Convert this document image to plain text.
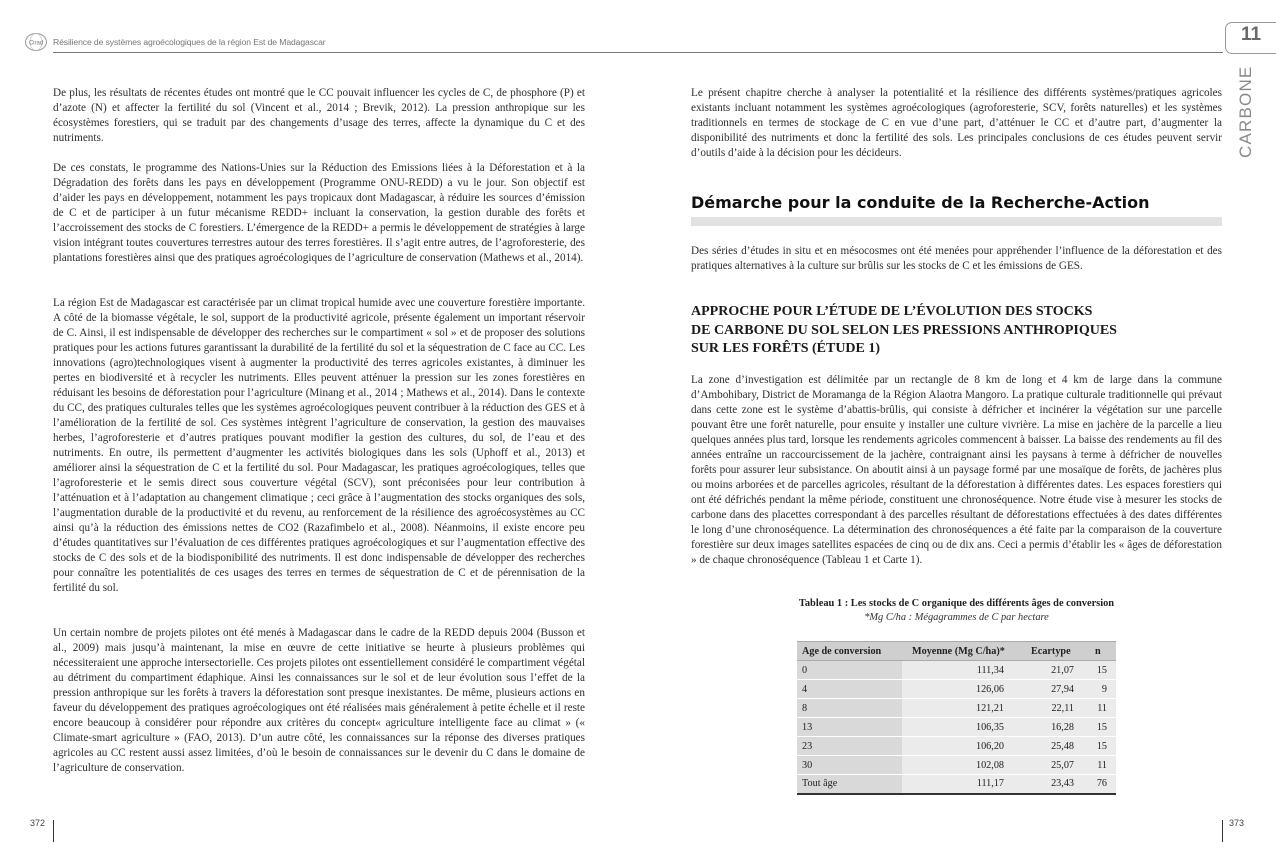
Cirad Résilience de systèmes agroécologiques de la région Est de Madagascar	11
CARBONE

De plus, les résultats de récentes études ont montré que le CC pouvait influencer les cycles de C, de phosphore (P) et d’azote (N) et affecter la fertilité du sol (Vincent et al., 2014 ; Brevik, 2012). La pression anthropique sur les écosystèmes forestiers, qui se traduit par des changements d’usage des terres, affecte la dynamique du C et des nutriments.

De ces constats, le programme des Nations-Unies sur la Réduction des Emissions liées à la Déforestation et à la Dégradation des forêts dans les pays en développement (Programme ONU-REDD) a vu le jour. Son objectif est d’aider les pays en développement, notamment les pays tropicaux dont Madagascar, à réduire les sources d’émission de C et de participer à un futur mécanisme REDD+ incluant la conservation, la gestion durable des forêts et l’accroissement des stocks de C forestiers. L’émergence de la REDD+ a permis le développement de stratégies à large vision intégrant toutes couvertures terrestres autour des terres forestières. Il s’agit entre autres, de l’agroforesterie, des plantations forestières ainsi que des pratiques agroécologiques de l’agriculture de conservation (Mathews et al., 2014).

La région Est de Madagascar est caractérisée par un climat tropical humide avec une couverture forestière importante. A côté de la biomasse végétale, le sol, support de la productivité agricole, présente également un important réservoir de C. Ainsi, il est indispensable de développer des recherches sur le compartiment « sol » et de proposer des solutions pratiques pour les actions futures garantissant la durabilité de la fertilité du sol et la séquestration de C face au CC. Les innovations (agro)technologiques visent à augmenter la productivité des terres agricoles existantes, à diminuer les pertes en biodiversité et à recycler les nutriments. Elles peuvent atténuer la pression sur les zones forestières en réduisant les besoins de déforestation pour l’agriculture (Minang et al., 2014 ; Mathews et al., 2014). Dans le contexte du CC, des pratiques culturales telles que les systèmes agroécologiques peuvent contribuer à la réduction des GES et à l’amélioration de la fertilité de sol. Ces systèmes intègrent l’agriculture de conservation, la gestion des mauvaises herbes, l’agroforesterie et d’autres pratiques pouvant modifier la gestion des cultures, du sol, de l’eau et des nutriments. En outre, ils permettent d’augmenter les activités biologiques dans les sols (Uphoff et al., 2013) et améliorer ainsi la séquestration de C et la fertilité du sol. Pour Madagascar, les pratiques agroécologiques, telles que l’agroforesterie et le semis direct sous couverture végétal (SCV), sont préconisées pour leur contribution à l’atténuation et à l’adaptation au changement climatique ; ceci grâce à l’augmentation des stocks organiques des sols, l’augmentation durable de la productivité et du revenu, au renforcement de la résilience des agroécosystèmes au CC ainsi qu’à la réduction des émissions nettes de CO2 (Razafimbelo et al., 2008). Néanmoins, il existe encore peu d’études quantitatives sur l’évaluation de ces différentes pratiques agroécologiques et sur l’augmentation effective des stocks de C des sols et de la biodisponibilité des nutriments. Il est donc indispensable de développer des recherches pour connaître les potentialités de ces usages des terres en termes de séquestration de C et de pérennisation de la fertilité du sol.

Un certain nombre de projets pilotes ont été menés à Madagascar dans le cadre de la REDD depuis 2004 (Busson et al., 2009) mais jusqu’à maintenant, la mise en œuvre de cette initiative se heurte à plusieurs problèmes qui nécessiteraient une approche intersectorielle. Ces projets pilotes ont essentiellement considéré le compartiment végétal au détriment du compartiment édaphique. Ainsi les connaissances sur le sol et de leur évolution sous l’effet de la pression anthropique sur les forêts à travers la déforestation sont presque inexistantes. De même, plusieurs actions en faveur du développement des pratiques agroécologiques ont été réalisées mais généralement à petite échelle et il reste encore beaucoup à considérer pour répondre aux critères du concept« agriculture intelligente face au climat » (« Climate-smart agriculture » (FAO, 2013). D’un autre côté, les connaissances sur la réponse des diverses pratiques agricoles au CC restent aussi assez limitées, d’où le besoin de connaissances sur le devenir du C dans le domaine de l’agriculture de conservation.

Le présent chapitre cherche à analyser la potentialité et la résilience des différents systèmes/pratiques agricoles existants incluant notamment les systèmes agroécologiques (agroforesterie, SCV, forêts naturelles) et les systèmes traditionnels en termes de stockage de C en vue d’une part, d’atténuer le CC et d’autre part, d’augmenter la disponibilité des nutriments et donc la fertilité des sols. Les principales conclusions de ces études peuvent servir d’outils d’aide à la décision pour les décideurs.

Démarche pour la conduite de la Recherche-Action

Des séries d’études in situ et en mésocosmes ont été menées pour appréhender l’influence de la déforestation et des pratiques alternatives à la culture sur brûlis sur les stocks de C et les émissions de GES.

APPROCHE POUR L’ÉTUDE DE L’ÉVOLUTION DES STOCKS
DE CARBONE DU SOL SELON LES PRESSIONS ANTHROPIQUES
SUR LES FORÊTS (ÉTUDE 1)

La zone d’investigation est délimitée par un rectangle de 8 km de long et 4 km de large dans la commune d’Ambohibary, District de Moramanga de la Région Alaotra Mangoro. La pratique culturale traditionnelle qui prévaut dans cette zone est le système d’abattis-brûlis, qui consiste à défricher et incinérer la végétation sur une parcelle pouvant être une forêt naturelle, pour ensuite y installer une culture vivrière. La mise en jachère de la parcelle a lieu quelques années plus tard, lorsque les rendements agricoles commencent à baisser. La baisse des rendements au fil des années entraîne un raccourcissement de la jachère, contraignant ainsi les paysans à terme à défricher de nouvelles forêts pour assurer leur subsistance. On aboutit ainsi à un paysage formé par une mosaïque de forêts, de jachères plus ou moins arborées et de parcelles agricoles, résultant de la déforestation à différentes dates. Les espaces forestiers qui ont été défrichés pendant la même période, constituent une chronoséquence. Notre étude vise à mesurer les stocks de carbone dans des placettes correspondant à des parcelles résultant de déforestations effectuées à des dates différentes le long d’une chronoséquence. La détermination des chronoséquences a été faite par la comparaison de la couverture forestière sur deux images satellites espacées de cinq ou de dix ans. Ceci a permis d’établir les « âges de déforestation » de chaque chronoséquence (Tableau 1 et Carte 1).

Tableau 1 : Les stocks de C organique des différents âges de conversion
*Mg C/ha : Mégagrammes de C par hectare
Age de conversion	Moyenne (Mg C/ha)*	Ecartype	n
0	111,34	21,07	15
4	126,06	27,94	9
8	121,21	22,11	11
13	106,35	16,28	15
23	106,20	25,48	15
30	102,08	25,07	11
Tout âge	111,17	23,43	76
372	373
